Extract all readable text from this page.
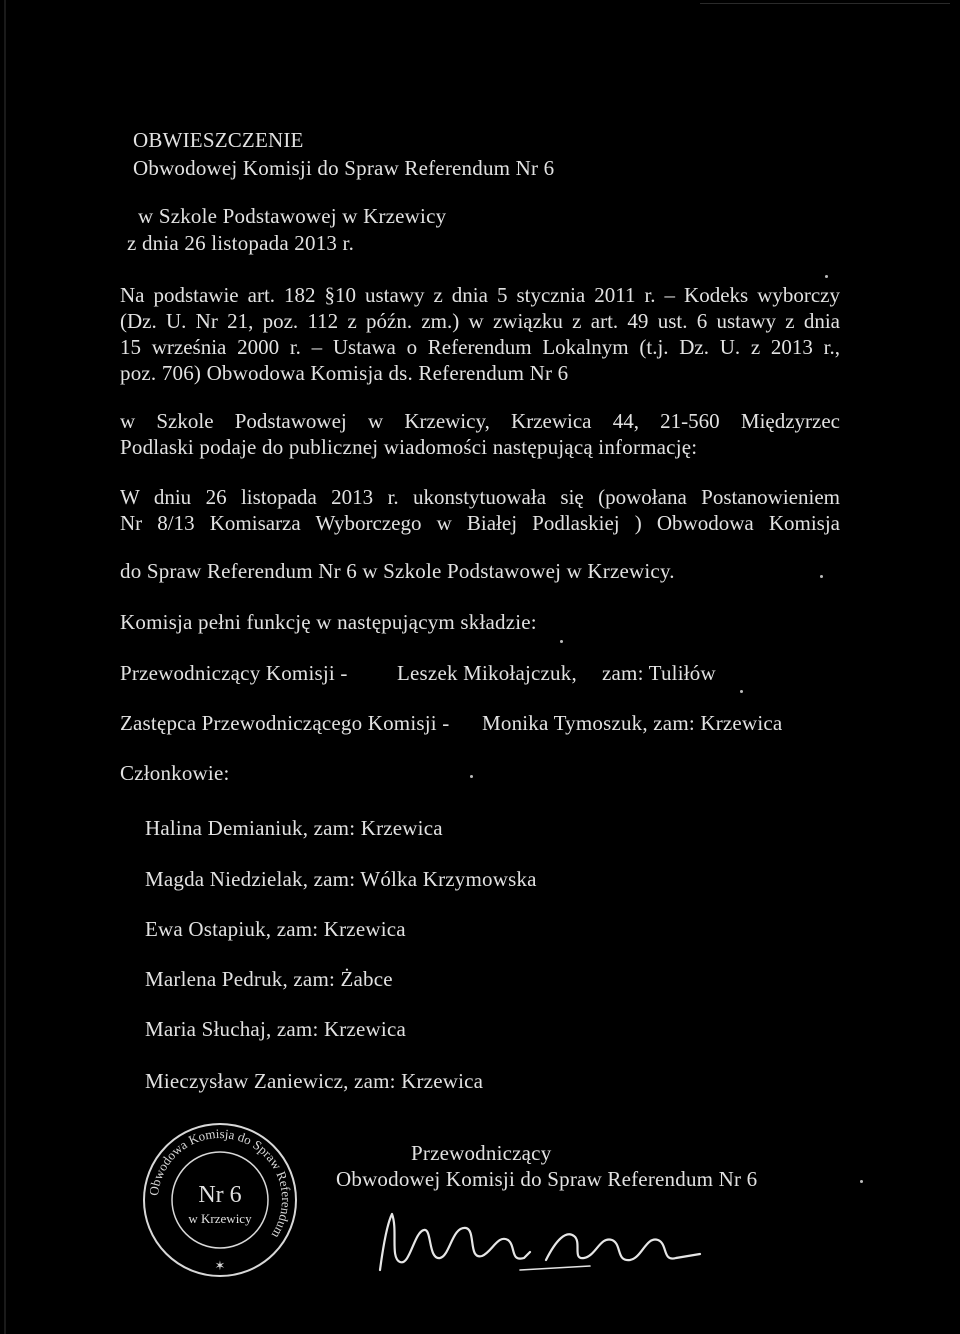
OBWIESZCZENIE
Obwodowej Komisji do Spraw Referendum Nr 6
w Szkole Podstawowej w Krzewicy
z dnia 26 listopada 2013 r.
Na podstawie art. 182 §10 ustawy z dnia 5 stycznia 2011 r. – Kodeks wyborczy
(Dz. U. Nr 21, poz. 112 z późn. zm.) w związku z art. 49 ust. 6 ustawy z dnia
15 września 2000 r. – Ustawa o Referendum Lokalnym (t.j. Dz. U. z 2013 r.,
poz. 706) Obwodowa Komisja ds. Referendum Nr 6
w Szkole Podstawowej w Krzewicy, Krzewica 44, 21-560 Międzyrzec
Podlaski podaje do publicznej wiadomości następującą informację:
W dniu 26 listopada 2013 r. ukonstytuowała się (powołana Postanowieniem
Nr 8/13 Komisarza Wyborczego w Białej Podlaskiej ) Obwodowa Komisja
do Spraw Referendum Nr 6 w Szkole Podstawowej w Krzewicy.
Komisja pełni funkcję w następującym składzie:
Przewodniczący Komisji - Leszek Mikołajczuk, zam: Tuliłów
Zastępca Przewodniczącego Komisji - Monika Tymoszuk, zam: Krzewica
Członkowie:
Halina Demianiuk, zam: Krzewica
Magda Niedzielak, zam: Wólka Krzymowska
Ewa Ostapiuk, zam: Krzewica
Marlena Pedruk, zam: Żabce
Maria Słuchaj, zam: Krzewica
Mieczysław Zaniewicz, zam: Krzewica
Przewodniczący
Obwodowej Komisji do Spraw Referendum Nr 6
Obwodowa Komisja do Spraw Referendum
✶
Nr 6
w Krzewicy
